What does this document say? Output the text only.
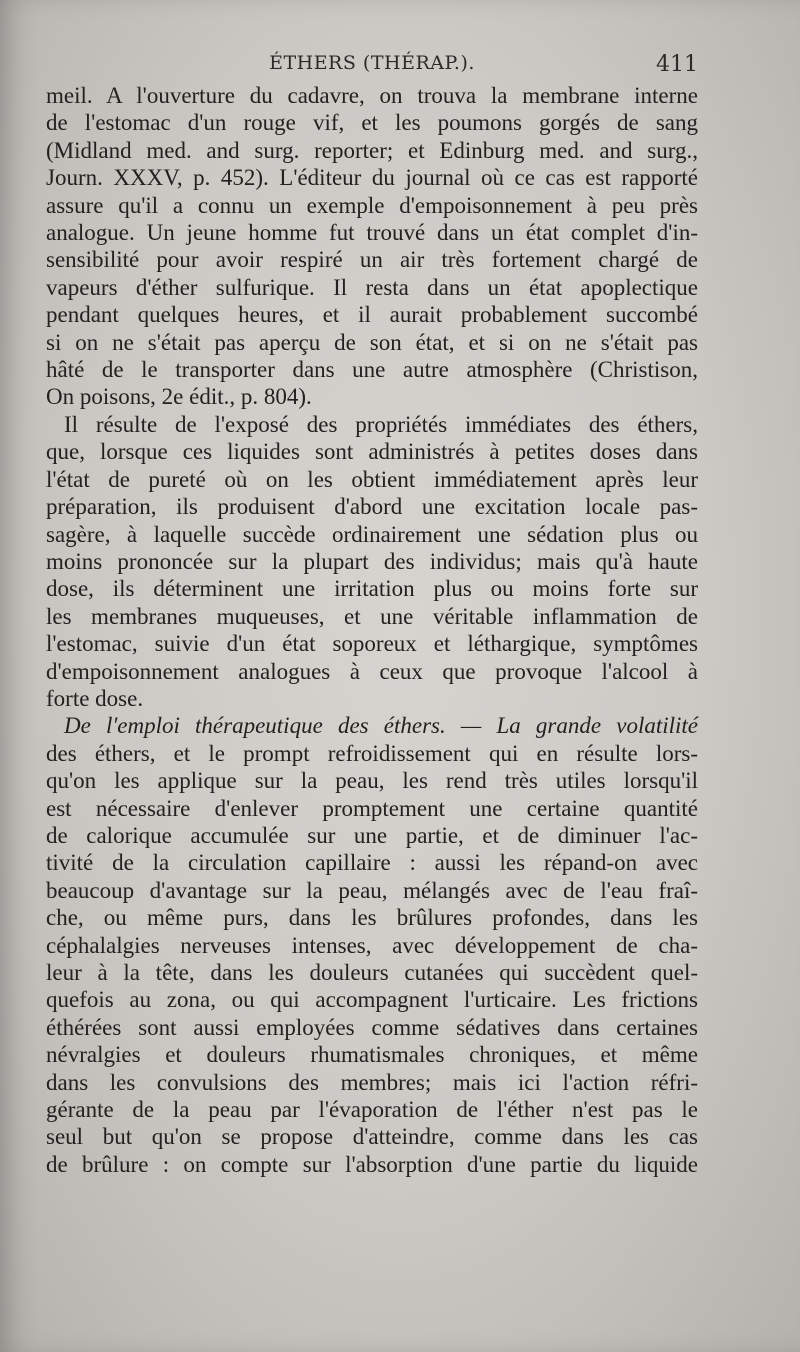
ÉTHERS (THÉRAP.).	411
meil. A l'ouverture du cadavre, on trouva la membrane interne
de l'estomac d'un rouge vif, et les poumons gorgés de sang
(Midland med. and surg. reporter; et Edinburg med. and surg.,
Journ. XXXV, p. 452). L'éditeur du journal où ce cas est rapporté
assure qu'il a connu un exemple d'empoisonnement à peu près
analogue. Un jeune homme fut trouvé dans un état complet d'in-
sensibilité pour avoir respiré un air très fortement chargé de
vapeurs d'éther sulfurique. Il resta dans un état apoplectique
pendant quelques heures, et il aurait probablement succombé
si on ne s'était pas aperçu de son état, et si on ne s'était pas
hâté de le transporter dans une autre atmosphère (Christison,
On poisons, 2e édit., p. 804).
Il résulte de l'exposé des propriétés immédiates des éthers,
que, lorsque ces liquides sont administrés à petites doses dans
l'état de pureté où on les obtient immédiatement après leur
préparation, ils produisent d'abord une excitation locale pas-
sagère, à laquelle succède ordinairement une sédation plus ou
moins prononcée sur la plupart des individus; mais qu'à haute
dose, ils déterminent une irritation plus ou moins forte sur
les membranes muqueuses, et une véritable inflammation de
l'estomac, suivie d'un état soporeux et léthargique, symptômes
d'empoisonnement analogues à ceux que provoque l'alcool à
forte dose.
De l'emploi thérapeutique des éthers. — La grande volatilité
des éthers, et le prompt refroidissement qui en résulte lors-
qu'on les applique sur la peau, les rend très utiles lorsqu'il
est nécessaire d'enlever promptement une certaine quantité
de calorique accumulée sur une partie, et de diminuer l'ac-
tivité de la circulation capillaire : aussi les répand-on avec
beaucoup d'avantage sur la peau, mélangés avec de l'eau fraî-
che, ou même purs, dans les brûlures profondes, dans les
céphalalgies nerveuses intenses, avec développement de cha-
leur à la tête, dans les douleurs cutanées qui succèdent quel-
quefois au zona, ou qui accompagnent l'urticaire. Les frictions
éthérées sont aussi employées comme sédatives dans certaines
névralgies et douleurs rhumatismales chroniques, et même
dans les convulsions des membres; mais ici l'action réfri-
gérante de la peau par l'évaporation de l'éther n'est pas le
seul but qu'on se propose d'atteindre, comme dans les cas
de brûlure : on compte sur l'absorption d'une partie du liquide
